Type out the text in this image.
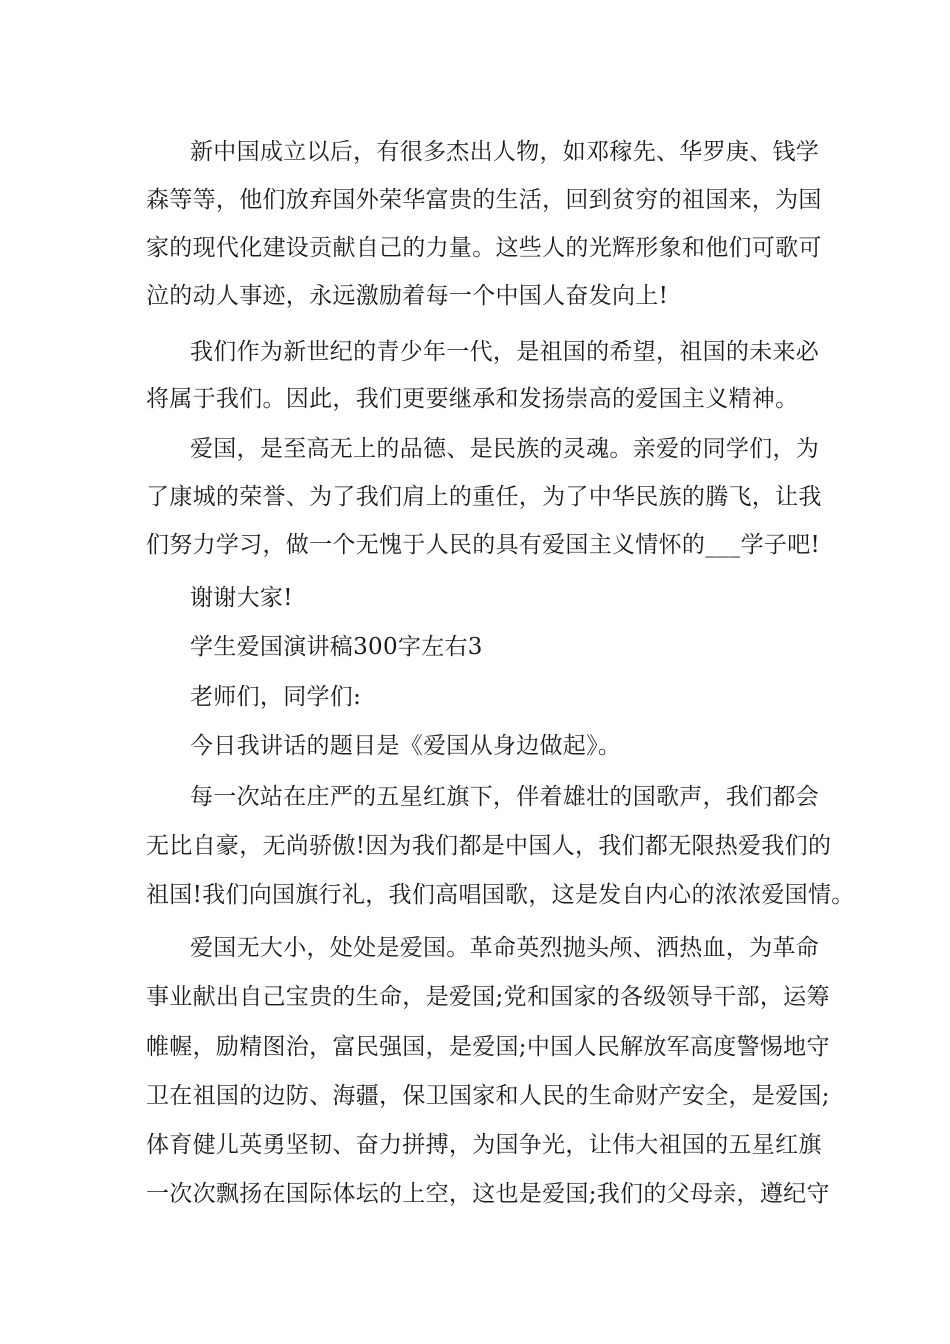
新中国成立以后，有很多杰出人物，如邓稼先、华罗庚、钱学
森等等，他们放弃国外荣华富贵的生活，回到贫穷的祖国来，为国
家的现代化建设贡献自己的力量。这些人的光辉形象和他们可歌可
泣的动人事迹，永远激励着每一个中国人奋发向上!
我们作为新世纪的青少年一代，是祖国的希望，祖国的未来必
将属于我们。因此，我们更要继承和发扬崇高的爱国主义精神。
爱国，是至高无上的品德、是民族的灵魂。亲爱的同学们，为
了康城的荣誉、为了我们肩上的重任，为了中华民族的腾飞，让我
们努力学习，做一个无愧于人民的具有爱国主义情怀的___学子吧!
谢谢大家!
学生爱国演讲稿300字左右3
老师们，同学们:
今日我讲话的题目是《爱国从身边做起》。
每一次站在庄严的五星红旗下，伴着雄壮的国歌声，我们都会
无比自豪，无尚骄傲!因为我们都是中国人，我们都无限热爱我们的
祖国!我们向国旗行礼，我们高唱国歌，这是发自内心的浓浓爱国情。
爱国无大小，处处是爱国。革命英烈抛头颅、洒热血，为革命
事业献出自己宝贵的生命，是爱国;党和国家的各级领导干部，运筹
帷幄，励精图治，富民强国，是爱国;中国人民解放军高度警惕地守
卫在祖国的边防、海疆，保卫国家和人民的生命财产安全，是爱国;
体育健儿英勇坚韧、奋力拼搏，为国争光，让伟大祖国的五星红旗
一次次飘扬在国际体坛的上空，这也是爱国;我们的父母亲，遵纪守
